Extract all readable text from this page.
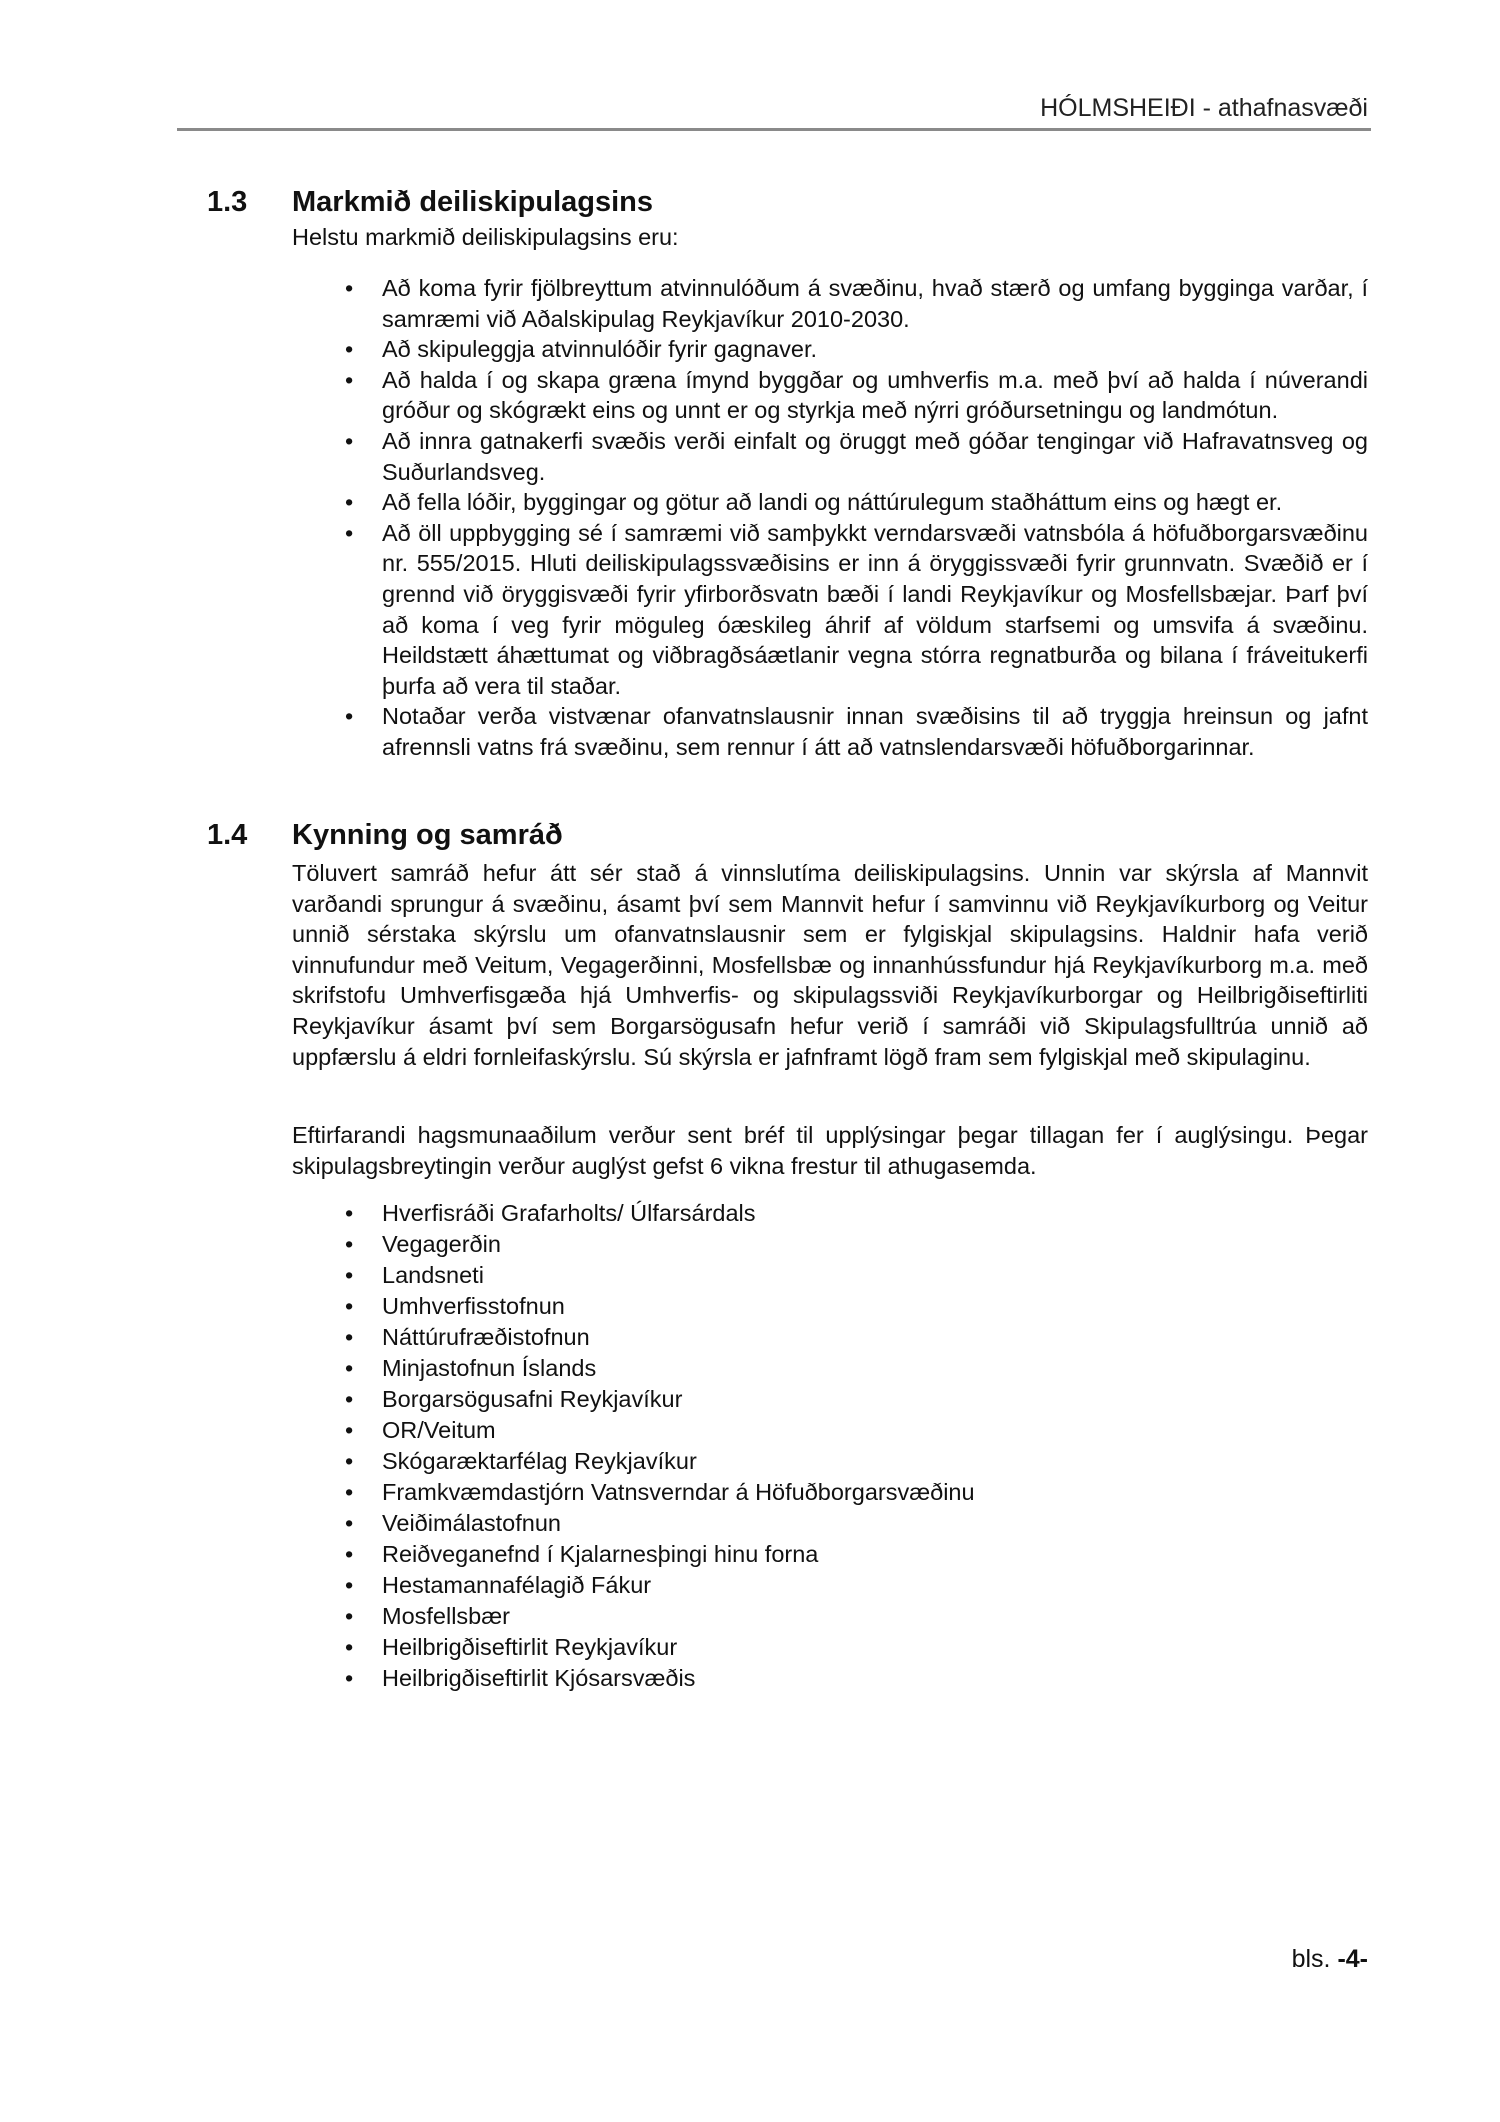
HÓLMSHEIÐI - athafnasvæði
1.3 Markmið deiliskipulagsins
Helstu markmið deiliskipulagsins eru:
• Að koma fyrir fjölbreyttum atvinnulóðum á svæðinu, hvað stærð og umfang bygginga varðar, í samræmi við Aðalskipulag Reykjavíkur 2010-2030.
• Að skipuleggja atvinnulóðir fyrir gagnaver.
• Að halda í og skapa græna ímynd byggðar og umhverfis m.a. með því að halda í núverandi gróður og skógrækt eins og unnt er og styrkja með nýrri gróðursetningu og landmótun.
• Að innra gatnakerfi svæðis verði einfalt og öruggt með góðar tengingar við Hafravatnsveg og Suðurlandsveg.
• Að fella lóðir, byggingar og götur að landi og náttúrulegum staðháttum eins og hægt er.
• Að öll uppbygging sé í samræmi við samþykkt verndarsvæði vatnsbóla á höfuðborgarsvæðinu nr. 555/2015. Hluti deiliskipulagssvæðisins er inn á öryggissvæði fyrir grunnvatn. Svæðið er í grennd við öryggisvæði fyrir yfirborðsvatn bæði í landi Reykjavíkur og Mosfellsbæjar. Þarf því að koma í veg fyrir möguleg óæskileg áhrif af völdum starfsemi og umsvifa á svæðinu. Heildstætt áhættumat og viðbragðsáætlanir vegna stórra regnatburða og bilana í fráveitukerfi þurfa að vera til staðar.
• Notaðar verða vistvænar ofanvatnslausnir innan svæðisins til að tryggja hreinsun og jafnt afrennsli vatns frá svæðinu, sem rennur í átt að vatnslendarsvæði höfuðborgarinnar.
1.4 Kynning og samráð
Töluvert samráð hefur átt sér stað á vinnslutíma deiliskipulagsins. Unnin var skýrsla af Mannvit varðandi sprungur á svæðinu, ásamt því sem Mannvit hefur í samvinnu við Reykjavíkurborg og Veitur unnið sérstaka skýrslu um ofanvatnslausnir sem er fylgiskjal skipulagsins. Haldnir hafa verið vinnufundur með Veitum, Vegagerðinni, Mosfellsbæ og innanhússfundur hjá Reykjavíkurborg m.a. með skrifstofu Umhverfisgæða hjá Umhverfis- og skipulagssviði Reykjavíkurborgar og Heilbrigðiseftirliti Reykjavíkur ásamt því sem Borgarsögusafn hefur verið í samráði við Skipulagsfulltrúa unnið að uppfærslu á eldri fornleifaskýrslu. Sú skýrsla er jafnframt lögð fram sem fylgiskjal með skipulaginu.
Eftirfarandi hagsmunaaðilum verður sent bréf til upplýsingar þegar tillagan fer í auglýsingu. Þegar skipulagsbreytingin verður auglýst gefst 6 vikna frestur til athugasemda.
• Hverfisráði Grafarholts/ Úlfarsárdals
• Vegagerðin
• Landsneti
• Umhverfisstofnun
• Náttúrufræðistofnun
• Minjastofnun Íslands
• Borgarsögusafni Reykjavíkur
• OR/Veitum
• Skógaræktarfélag Reykjavíkur
• Framkvæmdastjórn Vatnsverndar á Höfuðborgarsvæðinu
• Veiðimálastofnun
• Reiðveganefnd í Kjalarnesþingi hinu forna
• Hestamannafélagið Fákur
• Mosfellsbær
• Heilbrigðiseftirlit Reykjavíkur
• Heilbrigðiseftirlit Kjósarsvæðis
bls. -4-
